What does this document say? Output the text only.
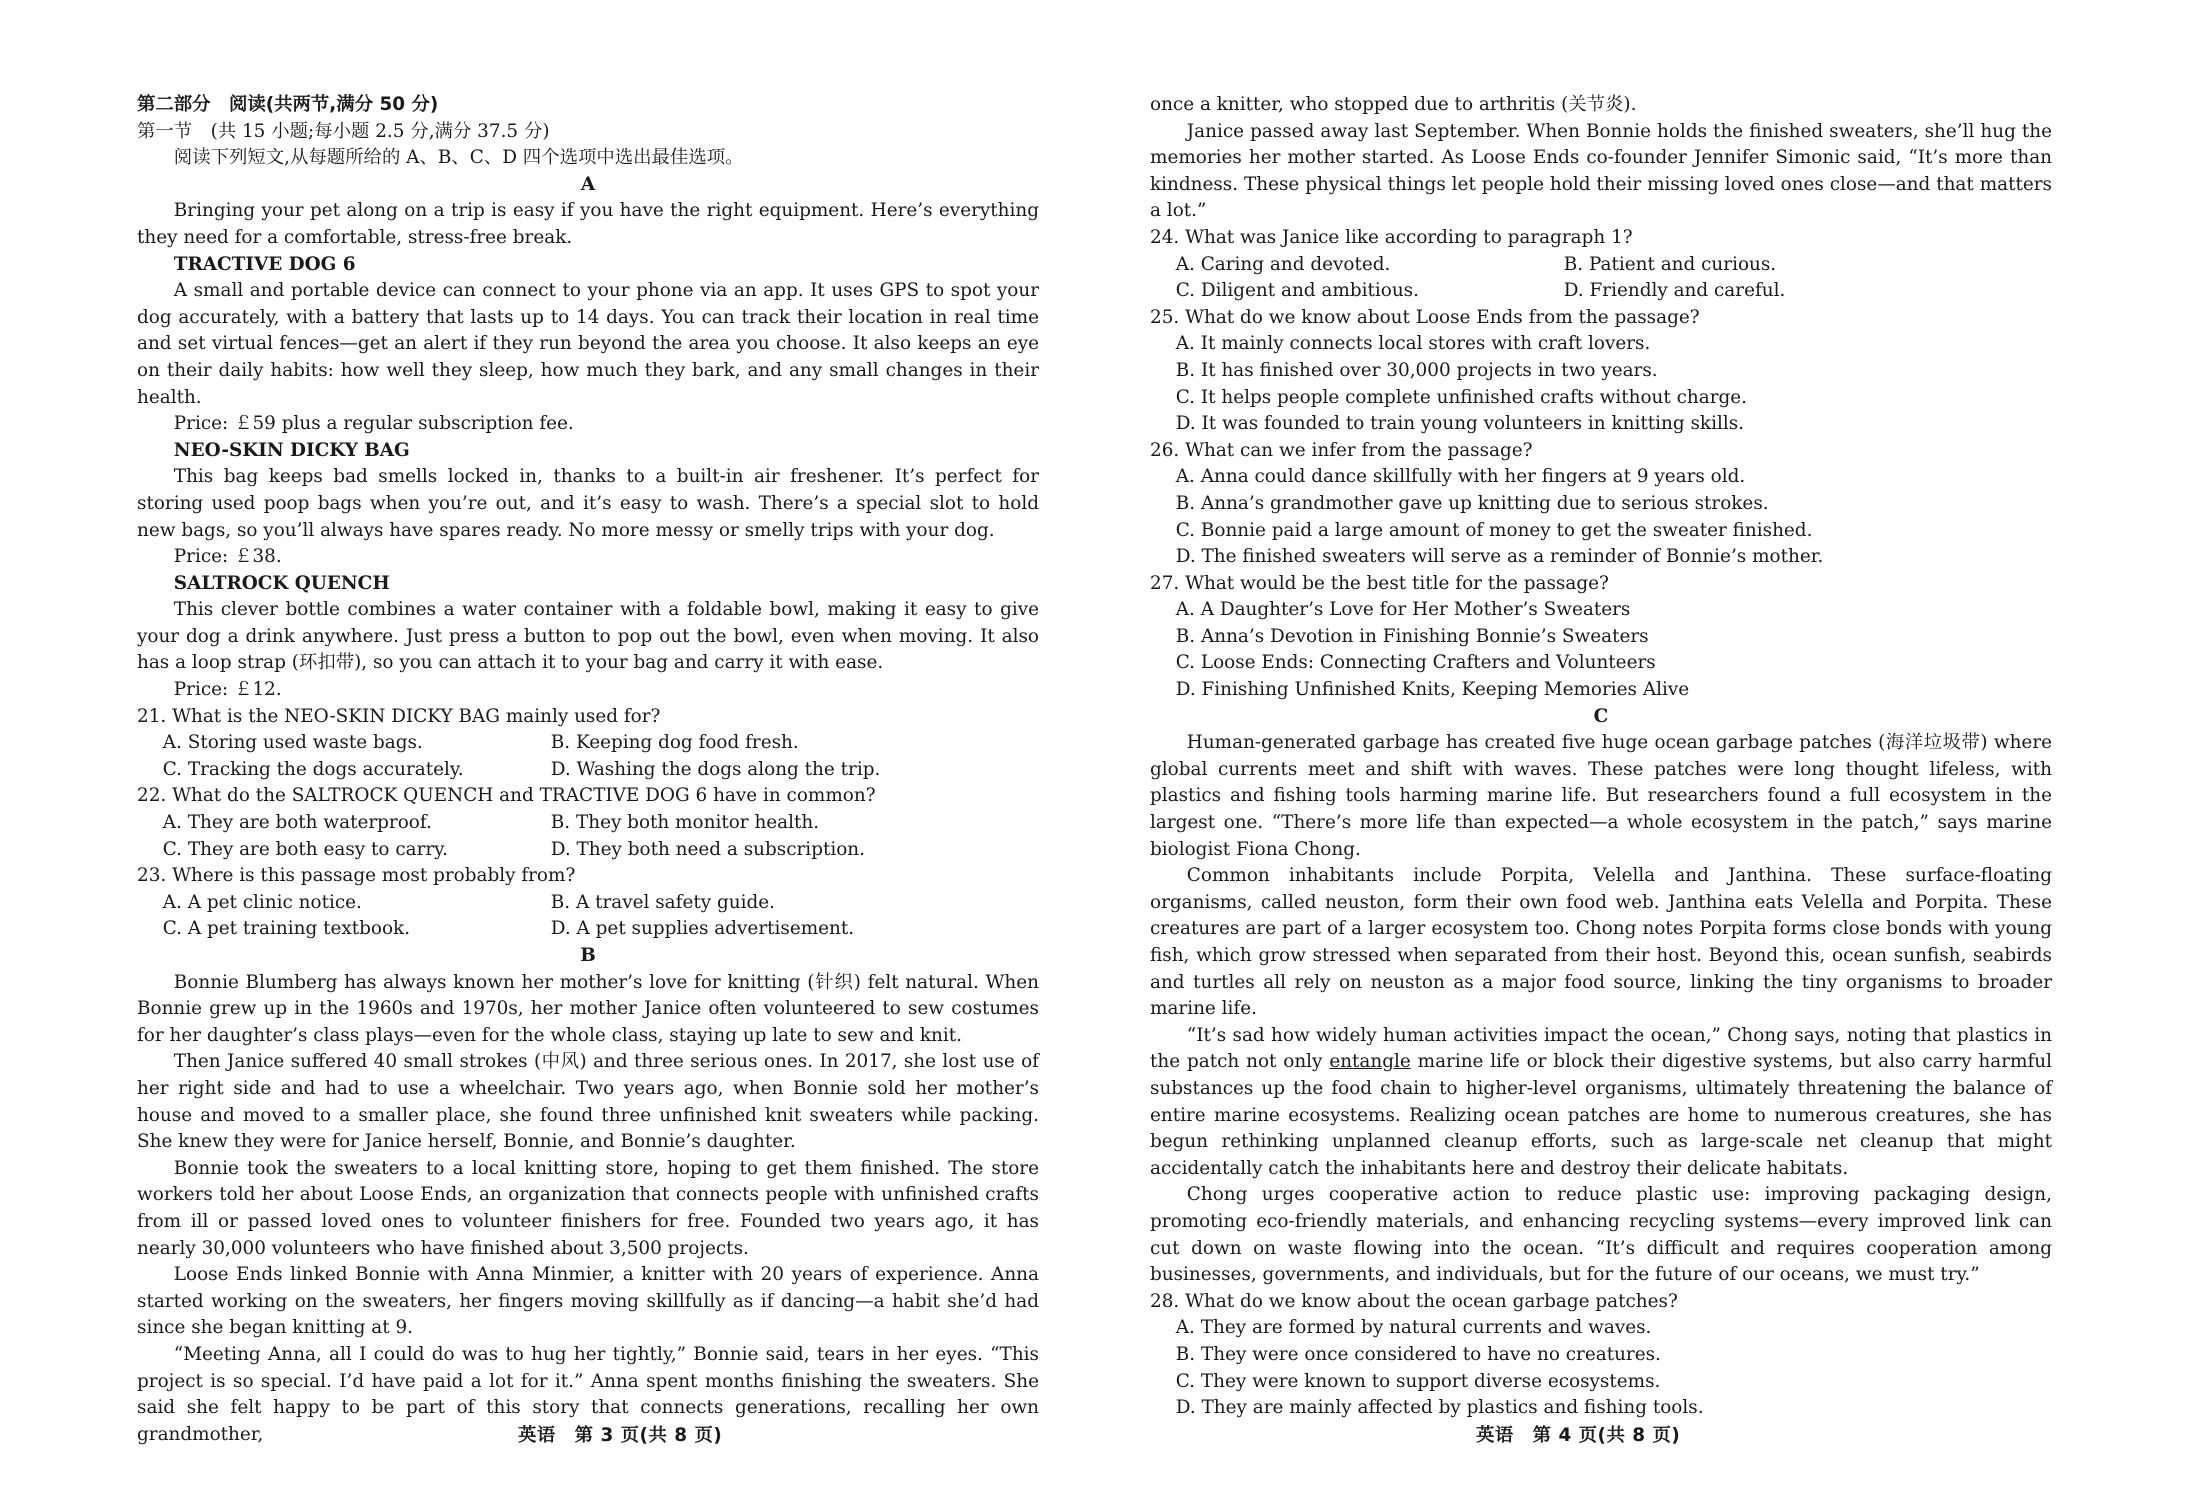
第二部分　阅读(共两节,满分 50 分)

第一节　(共 15 小题;每小题 2.5 分,满分 37.5 分)

阅读下列短文,从每题所给的 A、B、C、D 四个选项中选出最佳选项。

A

Bringing your pet along on a trip is easy if you have the right equipment. Here’s everything they need for a comfortable, stress-free break.

TRACTIVE DOG 6

A small and portable device can connect to your phone via an app. It uses GPS to spot your dog accurately, with a battery that lasts up to 14 days. You can track their location in real time and set virtual fences—get an alert if they run beyond the area you choose. It also keeps an eye on their daily habits: how well they sleep, how much they bark, and any small changes in their health.

Price: ￡59 plus a regular subscription fee.

NEO-SKIN DICKY BAG

This bag keeps bad smells locked in, thanks to a built-in air freshener. It’s perfect for storing used poop bags when you’re out, and it’s easy to wash. There’s a special slot to hold new bags, so you’ll always have spares ready. No more messy or smelly trips with your dog.

Price: ￡38.

SALTROCK QUENCH

This clever bottle combines a water container with a foldable bowl, making it easy to give your dog a drink anywhere. Just press a button to pop out the bowl, even when moving. It also has a loop strap (环扣带), so you can attach it to your bag and carry it with ease.

Price: ￡12.

21. What is the NEO-SKIN DICKY BAG mainly used for?

A. Storing used waste bags.	B. Keeping dog food fresh.
C. Tracking the dogs accurately.	D. Washing the dogs along the trip.

22. What do the SALTROCK QUENCH and TRACTIVE DOG 6 have in common?

A. They are both waterproof.	B. They both monitor health.
C. They are both easy to carry.	D. They both need a subscription.

23. Where is this passage most probably from?

A. A pet clinic notice.	B. A travel safety guide.
C. A pet training textbook.	D. A pet supplies advertisement.

B

Bonnie Blumberg has always known her mother’s love for knitting (针织) felt natural. When Bonnie grew up in the 1960s and 1970s, her mother Janice often volunteered to sew costumes for her daughter’s class plays—even for the whole class, staying up late to sew and knit.

Then Janice suffered 40 small strokes (中风) and three serious ones. In 2017, she lost use of her right side and had to use a wheelchair. Two years ago, when Bonnie sold her mother’s house and moved to a smaller place, she found three unfinished knit sweaters while packing. She knew they were for Janice herself, Bonnie, and Bonnie’s daughter.

Bonnie took the sweaters to a local knitting store, hoping to get them finished. The store workers told her about Loose Ends, an organization that connects people with unfinished crafts from ill or passed loved ones to volunteer finishers for free. Founded two years ago, it has nearly 30,000 volunteers who have finished about 3,500 projects.

Loose Ends linked Bonnie with Anna Minmier, a knitter with 20 years of experience. Anna started working on the sweaters, her fingers moving skillfully as if dancing—a habit she’d had since she began knitting at 9.

“Meeting Anna, all I could do was to hug her tightly,” Bonnie said, tears in her eyes. “This project is so special. I’d have paid a lot for it.” Anna spent months finishing the sweaters. She said she felt happy to be part of this story that connects generations, recalling her own grandmother,

once a knitter, who stopped due to arthritis (关节炎).

Janice passed away last September. When Bonnie holds the finished sweaters, she’ll hug the memories her mother started. As Loose Ends co-founder Jennifer Simonic said, “It’s more than kindness. These physical things let people hold their missing loved ones close—and that matters a lot.”

24. What was Janice like according to paragraph 1?

A. Caring and devoted.	B. Patient and curious.
C. Diligent and ambitious.	D. Friendly and careful.

25. What do we know about Loose Ends from the passage?

A. It mainly connects local stores with craft lovers.
B. It has finished over 30,000 projects in two years.
C. It helps people complete unfinished crafts without charge.
D. It was founded to train young volunteers in knitting skills.

26. What can we infer from the passage?

A. Anna could dance skillfully with her fingers at 9 years old.
B. Anna’s grandmother gave up knitting due to serious strokes.
C. Bonnie paid a large amount of money to get the sweater finished.
D. The finished sweaters will serve as a reminder of Bonnie’s mother.

27. What would be the best title for the passage?

A. A Daughter’s Love for Her Mother’s Sweaters
B. Anna’s Devotion in Finishing Bonnie’s Sweaters
C. Loose Ends: Connecting Crafters and Volunteers
D. Finishing Unfinished Knits, Keeping Memories Alive

C

Human-generated garbage has created five huge ocean garbage patches (海洋垃圾带) where global currents meet and shift with waves. These patches were long thought lifeless, with plastics and fishing tools harming marine life. But researchers found a full ecosystem in the largest one. “There’s more life than expected—a whole ecosystem in the patch,” says marine biologist Fiona Chong.

Common inhabitants include Porpita, Velella and Janthina. These surface-floating organisms, called neuston, form their own food web. Janthina eats Velella and Porpita. These creatures are part of a larger ecosystem too. Chong notes Porpita forms close bonds with young fish, which grow stressed when separated from their host. Beyond this, ocean sunfish, seabirds and turtles all rely on neuston as a major food source, linking the tiny organisms to broader marine life.

“It’s sad how widely human activities impact the ocean,” Chong says, noting that plastics in the patch not only entangle marine life or block their digestive systems, but also carry harmful substances up the food chain to higher-level organisms, ultimately threatening the balance of entire marine ecosystems. Realizing ocean patches are home to numerous creatures, she has begun rethinking unplanned cleanup efforts, such as large-scale net cleanup that might accidentally catch the inhabitants here and destroy their delicate habitats.

Chong urges cooperative action to reduce plastic use: improving packaging design, promoting eco-friendly materials, and enhancing recycling systems—every improved link can cut down on waste flowing into the ocean. “It’s difficult and requires cooperation among businesses, governments, and individuals, but for the future of our oceans, we must try.”

28. What do we know about the ocean garbage patches?

A. They are formed by natural currents and waves.
B. They were once considered to have no creatures.
C. They were known to support diverse ecosystems.
D. They are mainly affected by plastics and fishing tools.
英语　第 3 页(共 8 页)	英语　第 4 页(共 8 页)
